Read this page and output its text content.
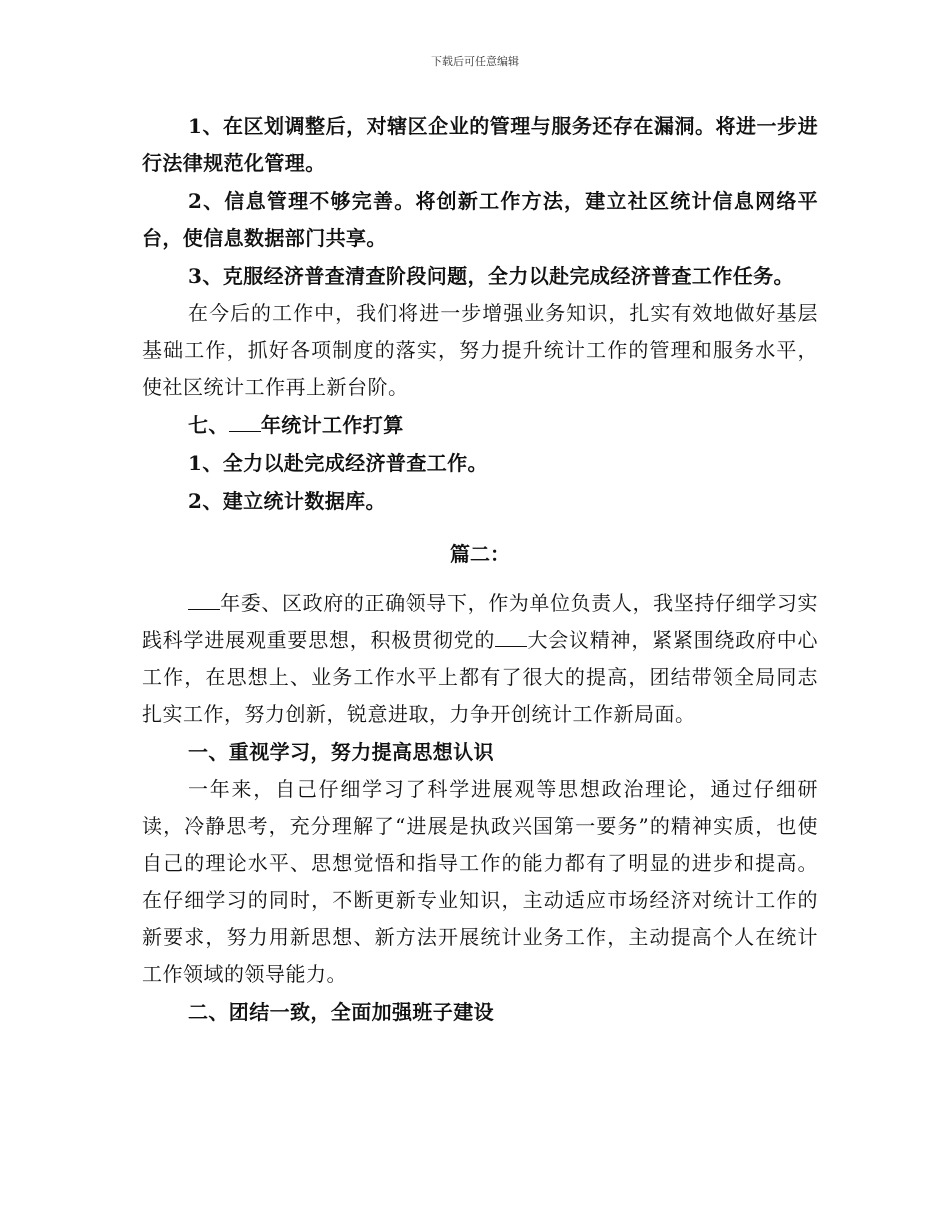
下载后可任意编辑

1、在区划调整后，对辖区企业的管理与服务还存在漏洞。将进一步进行法律规范化管理。

2、信息管理不够完善。将创新工作方法，建立社区统计信息网络平台，使信息数据部门共享。

3、克服经济普查清查阶段问题，全力以赴完成经济普查工作任务。

在今后的工作中，我们将进一步增强业务知识，扎实有效地做好基层基础工作，抓好各项制度的落实，努力提升统计工作的管理和服务水平，使社区统计工作再上新台阶。

七、 年统计工作打算

1、全力以赴完成经济普查工作。

2、建立统计数据库。

篇二：

年委、区政府的正确领导下，作为单位负责人，我坚持仔细学习实践科学进展观重要思想，积极贯彻党的 大会议精神，紧紧围绕政府中心工作，在思想上、业务工作水平上都有了很大的提高，团结带领全局同志扎实工作，努力创新，锐意进取，力争开创统计工作新局面。

一、重视学习，努力提高思想认识

一年来，自己仔细学习了科学进展观等思想政治理论，通过仔细研读，冷静思考，充分理解了“进展是执政兴国第一要务”的精神实质，也使自己的理论水平、思想觉悟和指导工作的能力都有了明显的进步和提高。在仔细学习的同时，不断更新专业知识，主动适应市场经济对统计工作的新要求，努力用新思想、新方法开展统计业务工作，主动提高个人在统计工作领域的领导能力。

二、团结一致，全面加强班子建设
